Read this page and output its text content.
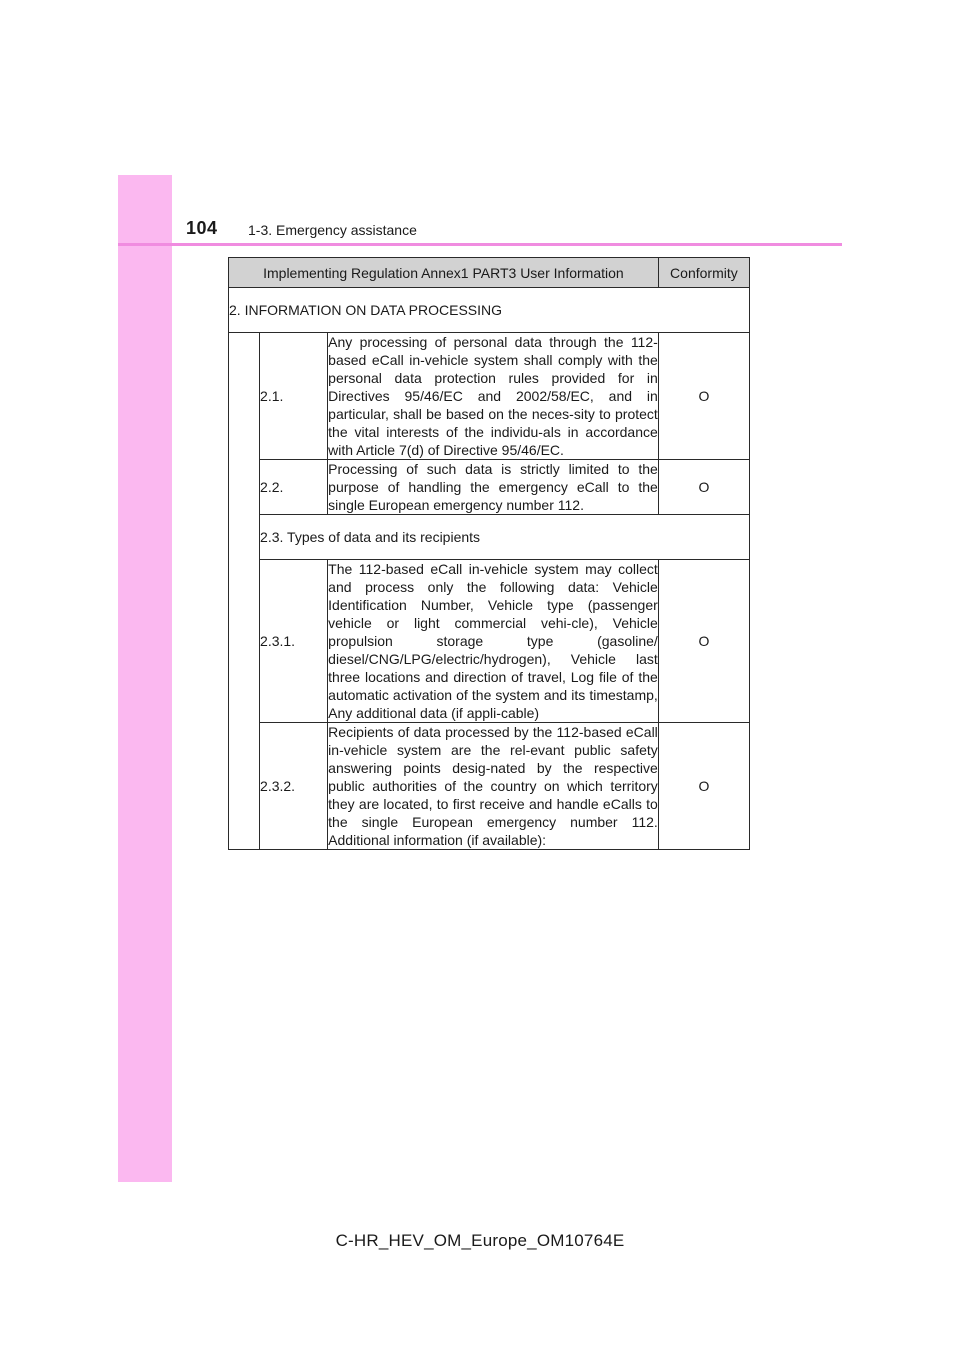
104 1-3. Emergency assistance
Implementing Regulation Annex1 PART3 User Information			Conformity
2. INFORMATION ON DATA PROCESSING			
	2.1.	Any processing of personal data through the 112-based eCall in-vehicle system shall comply with the personal data protection rules provided for in Directives 95/46/EC and 2002/58/EC, and in particular, shall be based on the neces-sity to protect the vital interests of the individu-als in accordance with Article 7(d) of Directive 95/46/EC.	O
	2.2.	Processing of such data is strictly limited to the purpose of handling the emergency eCall to the single European emergency number 112.	O
	2.3. Types of data and its recipients		
	2.3.1.	The 112-based eCall in-vehicle system may collect and process only the following data: Vehicle Identification Number, Vehicle type (passenger vehicle or light commercial vehi-cle), Vehicle propulsion storage type (gasoline/ diesel/CNG/LPG/electric/hydrogen), Vehicle last three locations and direction of travel, Log file of the automatic activation of the system and its timestamp, Any additional data (if appli-cable)	O
	2.3.2.	Recipients of data processed by the 112-based eCall in-vehicle system are the rel-evant public safety answering points desig-nated by the respective public authorities of the country on which territory they are located, to first receive and handle eCalls to the single European emergency number 112. Additional information (if available):	O
C-HR_HEV_OM_Europe_OM10764E
